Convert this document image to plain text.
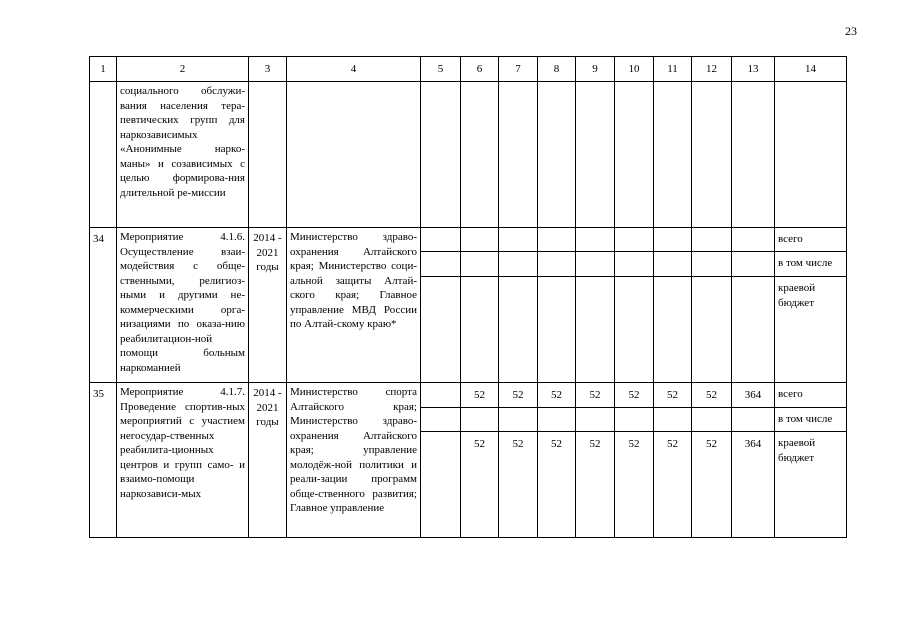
23
1	2	3	4	5	6	7	8	9	10	11	12	13	14
	социального обслужи-вания населения тера-певтических групп для наркозависимых «Анонимные нарко-маны» и созависимых с целью формирова-ния длительной ре-миссии												
34	Мероприятие 4.1.6. Осуществление взаи-модействия с обще-ственными, религиоз-ными и другими не-коммерческими орга-низациями по оказа-нию реабилитацион-ной помощи больным наркоманией	2014 - 2021 годы	Министерство здраво-охранения Алтайского края; Министерство соци-альной защиты Алтай-ского края; Главное управление МВД России по Алтай-скому краю*										всего
													в том числе
													краевой бюджет
35	Мероприятие 4.1.7. Проведение спортив-ных мероприятий с участием негосудар-ственных реабилита-ционных центров и групп само- и взаимо-помощи наркозависи-мых	2014 - 2021 годы	Министерство спорта Алтайского края; Министерство здраво-охранения Алтайского края; управление молодёж-ной политики и реали-зации программ обще-ственного развития; Главное управление		52	52	52	52	52	52	52	364	всего
													в том числе
					52	52	52	52	52	52	52	364	краевой бюджет
